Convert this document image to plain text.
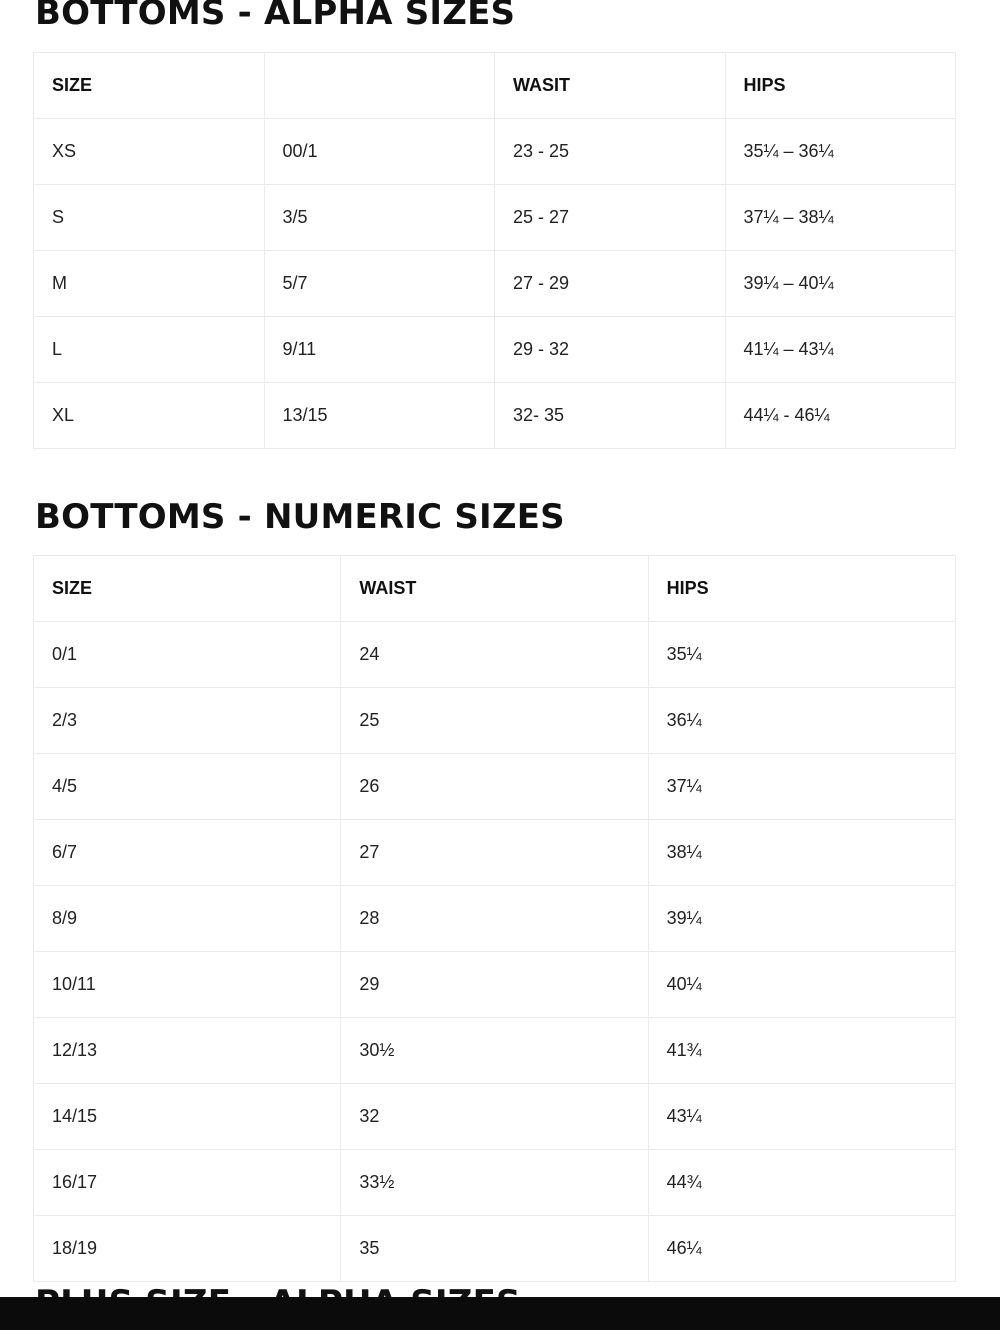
BOTTOMS - ALPHA SIZES
SIZE		WASIT	HIPS
XS	00/1	23 - 25	35¼ – 36¼
S	3/5	25 - 27	37¼ – 38¼
M	5/7	27 - 29	39¼ – 40¼
L	9/11	29 - 32	41¼ – 43¼
XL	13/15	32- 35	44¼ - 46¼
BOTTOMS - NUMERIC SIZES
SIZE	WAIST	HIPS
0/1	24	35¼
2/3	25	36¼
4/5	26	37¼
6/7	27	38¼
8/9	28	39¼
10/11	29	40¼
12/13	30½	41¾
14/15	32	43¼
16/17	33½	44¾
18/19	35	46¼
